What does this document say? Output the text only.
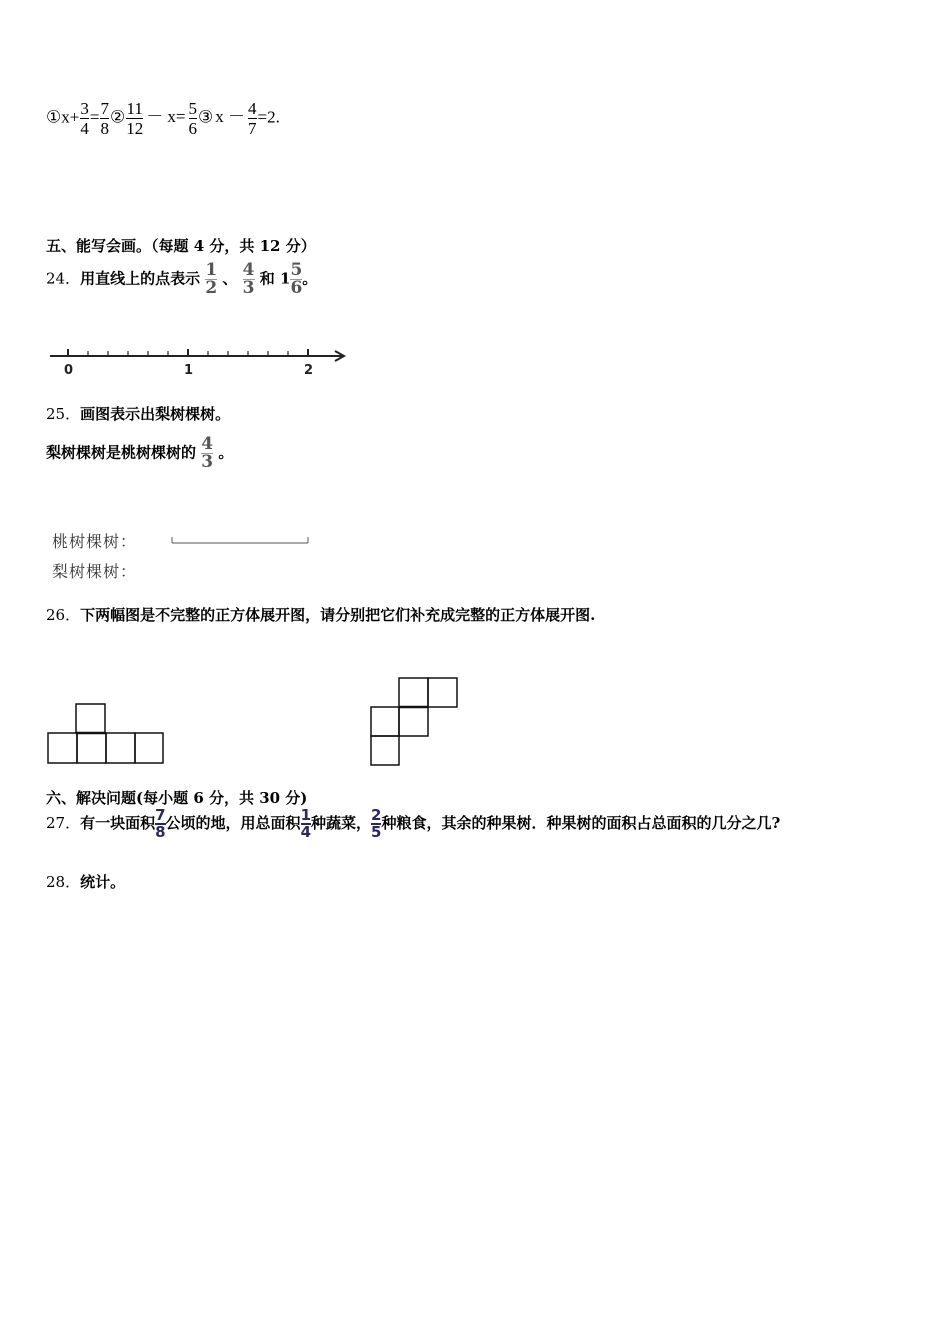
①x+ $\frac{3}{4} = \frac{7}{8}$ ② $\frac{11}{12} - x= \frac{5}{6}$ ③ $x - \frac{4}{7} =2$.
五、能写会画。（每题 4 分，共 12 分）
24．用直线上的点表示 $\frac{1}{2}$ 、 $\frac{4}{3}$ 和 $1 \frac{5}{6}$ 。
0	1	2
25．画图表示出梨树棵树。
梨树棵树是桃树棵树的 $\frac{4}{3}$ 。
桃树棵树：
梨树棵树：
26．下两幅图是不完整的正方体展开图，请分别把它们补充成完整的正方体展开图.
六、解决问题(每小题 6 分，共 30 分)
27．有一块面积 $\frac{7}{8}$ 公顷的地，用总面积 $\frac{1}{4}$ 种蔬菜， $\frac{2}{5}$ 种粮食，其余的种果树．种果树的面积占总面积的几分之几?
28．统计。
